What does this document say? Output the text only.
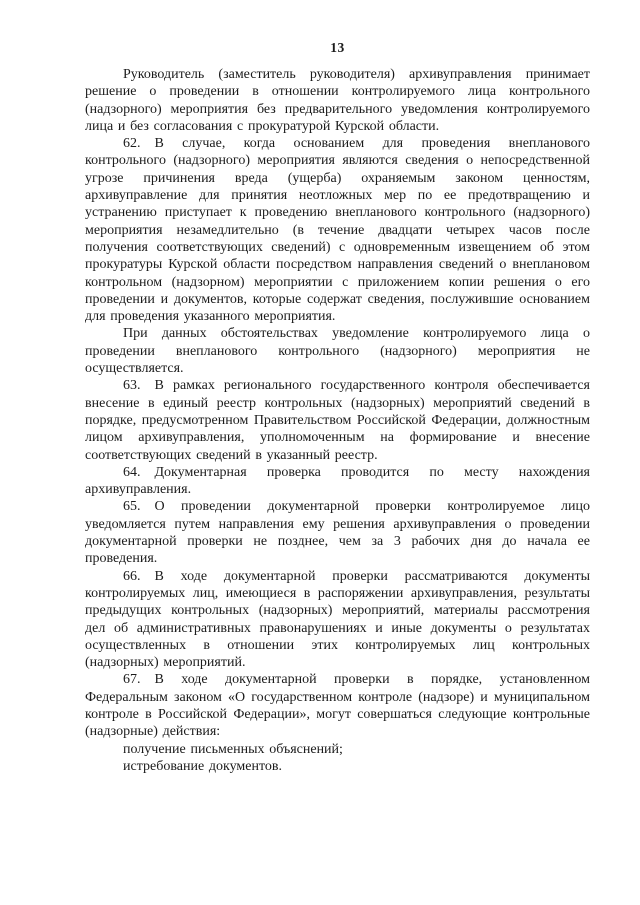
13

Руководитель (заместитель руководителя) архивуправления принимает решение о проведении в отношении контролируемого лица контрольного (надзорного) мероприятия без предварительного уведомления контролируемого лица и без согласования с прокуратурой Курской области.

62. В случае, когда основанием для проведения внепланового контрольного (надзорного) мероприятия являются сведения о непосредственной угрозе причинения вреда (ущерба) охраняемым законом ценностям, архивуправление для принятия неотложных мер по ее предотвращению и устранению приступает к проведению внепланового контрольного (надзорного) мероприятия незамедлительно (в течение двадцати четырех часов после получения соответствующих сведений) с одновременным извещением об этом прокуратуры Курской области посредством направления сведений о внеплановом контрольном (надзорном) мероприятии с приложением копии решения о его проведении и документов, которые содержат сведения, послужившие основанием для проведения указанного мероприятия.

При данных обстоятельствах уведомление контролируемого лица о проведении внепланового контрольного (надзорного) мероприятия не осуществляется.

63. В рамках регионального государственного контроля обеспечивается внесение в единый реестр контрольных (надзорных) мероприятий сведений в порядке, предусмотренном Правительством Российской Федерации, должностным лицом архивуправления, уполномоченным на формирование и внесение соответствующих сведений в указанный реестр.

64. Документарная проверка проводится по месту нахождения архивуправления.

65. О проведении документарной проверки контролируемое лицо уведомляется путем направления ему решения архивуправления о проведении документарной проверки не позднее, чем за 3 рабочих дня до начала ее проведения.

66. В ходе документарной проверки рассматриваются документы контролируемых лиц, имеющиеся в распоряжении архивуправления, результаты предыдущих контрольных (надзорных) мероприятий, материалы рассмотрения дел об административных правонарушениях и иные документы о результатах осуществленных в отношении этих контролируемых лиц контрольных (надзорных) мероприятий.

67. В ходе документарной проверки в порядке, установленном Федеральным законом «О государственном контроле (надзоре) и муниципальном контроле в Российской Федерации», могут совершаться следующие контрольные (надзорные) действия:

получение письменных объяснений;

истребование документов.
